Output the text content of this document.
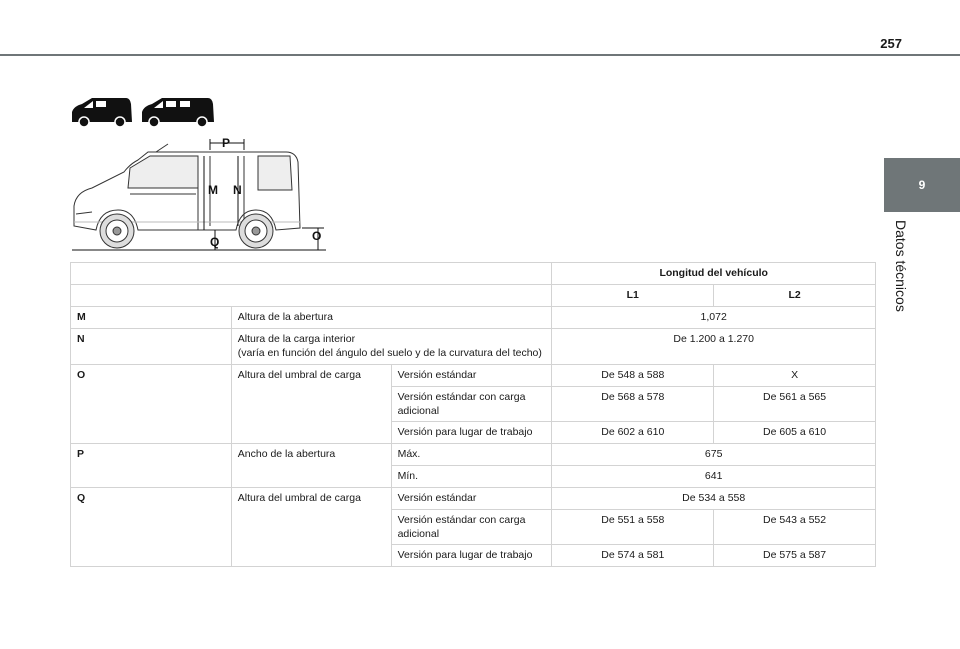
257
9
Datos técnicos
P
M N
Q	O
			Longitud del vehículo	
			L1	L2
M	Altura de la abertura		1,072	
N	Altura de la carga interior
(varía en función del ángulo del suelo y de la curvatura del techo)		De 1.200 a 1.270	
O	Altura del umbral de carga	Versión estándar	De 548 a 588	X
		Versión estándar con carga
adicional	De 568 a 578	De 561 a 565
		Versión para lugar de trabajo	De 602 a 610	De 605 a 610
P	Ancho de la abertura	Máx.	675	
		Mín.	641	
Q	Altura del umbral de carga	Versión estándar	De 534 a 558	
		Versión estándar con carga
adicional	De 551 a 558	De 543 a 552
		Versión para lugar de trabajo	De 574 a 581	De 575 a 587
